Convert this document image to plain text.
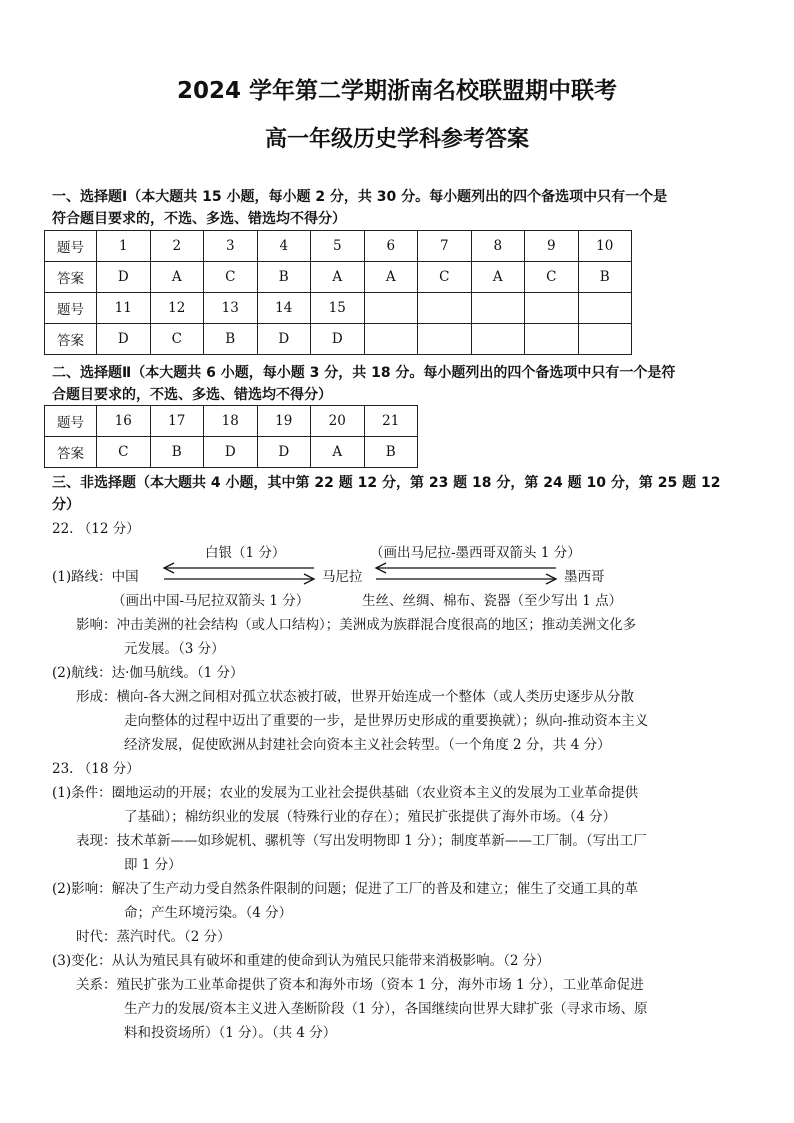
2024 学年第二学期浙南名校联盟期中联考
高一年级历史学科参考答案
一、选择题Ⅰ（本大题共 15 小题，每小题 2 分，共 30 分。每小题列出的四个备选项中只有一个是
符合题目要求的，不选、多选、错选均不得分）
题号	1	2	3	4	5	6	7	8	9	10
答案	D	A	C	B	A	A	C	A	C	B
题号	11	12	13	14	15					
答案	D	C	B	D	D					
二、选择题Ⅱ（本大题共 6 小题，每小题 3 分，共 18 分。每小题列出的四个备选项中只有一个是符
合题目要求的，不选、多选、错选均不得分）
题号	16	17	18	19	20	21
答案	C	B	D	D	A	B
三、非选择题（本大题共 4 小题，其中第 22 题 12 分，第 23 题 18 分，第 24 题 10 分，第 25 题 12
分）
22. （12 分）
白银（1 分）	（画出马尼拉-墨西哥双箭头 1 分）
(1)路线：中国	马尼拉	墨西哥
（画出中国-马尼拉双箭头 1 分）	生丝、丝绸、棉布、瓷器（至少写出 1 点）
影响：冲击美洲的社会结构（或人口结构）；美洲成为族群混合度很高的地区；推动美洲文化多
元发展。（3 分）
(2)航线：达·伽马航线。（1 分）
形成：横向-各大洲之间相对孤立状态被打破，世界开始连成一个整体（或人类历史逐步从分散
走向整体的过程中迈出了重要的一步，是世界历史形成的重要换就）；纵向-推动资本主义
经济发展，促使欧洲从封建社会向资本主义社会转型。（一个角度 2 分，共 4 分）
23. （18 分）
(1)条件：圈地运动的开展；农业的发展为工业社会提供基础（农业资本主义的发展为工业革命提供
了基础）；棉纺织业的发展（特殊行业的存在）；殖民扩张提供了海外市场。（4 分）
表现：技术革新——如珍妮机、骡机等（写出发明物即 1 分）；制度革新——工厂制。（写出工厂
即 1 分）
(2)影响：解决了生产动力受自然条件限制的问题；促进了工厂的普及和建立；催生了交通工具的革
命；产生环境污染。（4 分）
时代：蒸汽时代。（2 分）
(3)变化：从认为殖民具有破坏和重建的使命到认为殖民只能带来消极影响。（2 分）
关系：殖民扩张为工业革命提供了资本和海外市场（资本 1 分，海外市场 1 分），工业革命促进
生产力的发展/资本主义进入垄断阶段（1 分），各国继续向世界大肆扩张（寻求市场、原
料和投资场所）（1 分）。（共 4 分）
